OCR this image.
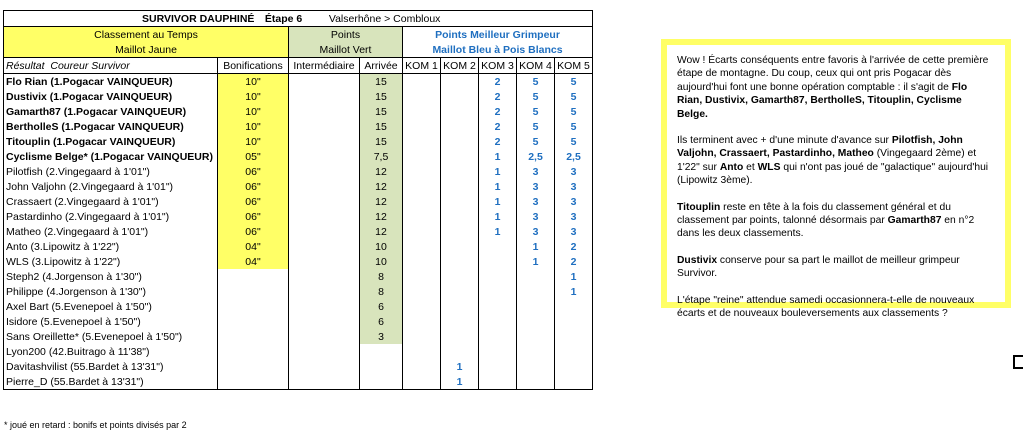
SURVIVOR DAUPHINÉ Étape 6 Valserhône > Combloux								
Classement au Temps		Points		Points Meilleur Grimpeur				
Maillot Jaune		Maillot Vert		Maillot Bleu à Pois Blancs				
Résultat Coureur Survivor	Bonifications	Intermédiaire	Arrivée	KOM 1	KOM 2	KOM 3	KOM 4	KOM 5
Flo Rian (1.Pogacar VAINQUEUR)	10"		15			2	5	5
Dustivix (1.Pogacar VAINQUEUR)	10"		15			2	5	5
Gamarth87 (1.Pogacar VAINQUEUR)	10"		15			2	5	5
BertholleS (1.Pogacar VAINQUEUR)	10"		15			2	5	5
Titouplin (1.Pogacar VAINQUEUR)	10"		15			2	5	5
Cyclisme Belge* (1.Pogacar VAINQUEUR)	05"		7,5			1	2,5	2,5
Pilotfish (2.Vingegaard à 1'01")	06"		12			1	3	3
John Valjohn (2.Vingegaard à 1'01")	06"		12			1	3	3
Crassaert (2.Vingegaard à 1'01")	06"		12			1	3	3
Pastardinho (2.Vingegaard à 1'01")	06"		12			1	3	3
Matheo (2.Vingegaard à 1'01")	06"		12			1	3	3
Anto (3.Lipowitz à 1'22")	04"		10				1	2
WLS (3.Lipowitz à 1'22")	04"		10				1	2
Steph2 (4.Jorgenson à 1'30")			8					1
Philippe (4.Jorgenson à 1'30")			8					1
Axel Bart (5.Evenepoel à 1'50")			6					
Isidore (5.Evenepoel à 1'50")			6					
Sans Oreillette* (5.Evenepoel à 1'50")			3					
Lyon200 (42.Buitrago à 11'38")								
Davitashvilist (55.Bardet à 13'31")					1			
Pierre_D (55.Bardet à 13'31")					1			
* joué en retard : bonifs et points divisés par 2

Wow ! Écarts conséquents entre favoris à l'arrivée de cette première étape de montagne. Du coup, ceux qui ont pris Pogacar dès aujourd'hui font une bonne opération comptable : il s'agit de Flo Rian, Dustivix, Gamarth87, BertholleS, Titouplin, Cyclisme Belge.

Ils terminent avec + d'une minute d'avance sur Pilotfish, John Valjohn, Crassaert, Pastardinho, Matheo (Vingegaard 2ème) et 1'22" sur Anto et WLS qui n'ont pas joué de "galactique" aujourd'hui (Lipowitz 3ème).

Titouplin reste en tête à la fois du classement général et du classement par points, talonné désormais par Gamarth87 en n°2 dans les deux classements.

Dustivix conserve pour sa part le maillot de meilleur grimpeur Survivor.

L'étape "reine" attendue samedi occasionnera-t-elle de nouveaux écarts et de nouveaux bouleversements aux classements ?
